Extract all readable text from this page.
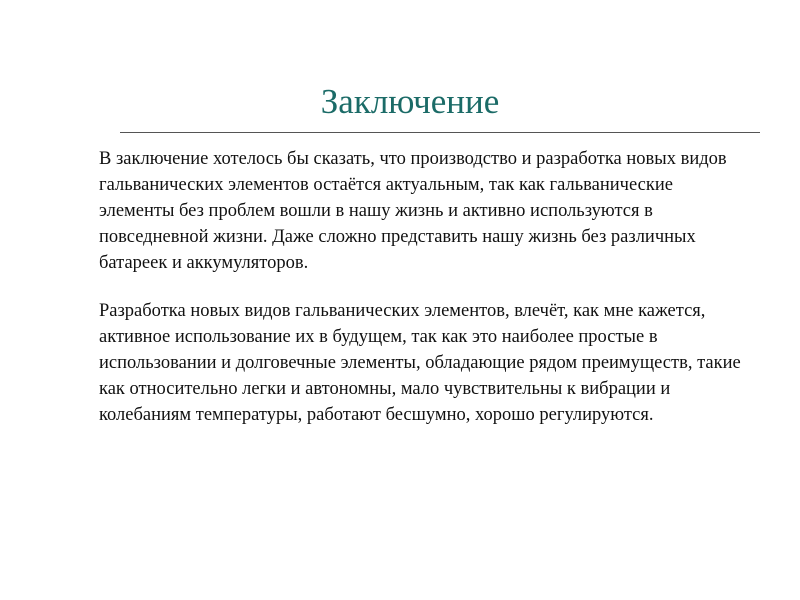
Заключение

В заключение хотелось бы сказать, что производство и разработка новых видов гальванических элементов остаётся актуальным, так как гальванические элементы без проблем вошли в нашу жизнь и активно используются в повседневной жизни. Даже сложно представить нашу жизнь без различных батареек и аккумуляторов.

Разработка новых видов гальванических элементов, влечёт, как мне кажется, активное использование их в будущем, так как это наиболее простые в использовании и долговечные элементы, обладающие рядом преимуществ, такие как относительно легки и автономны, мало чувствительны к вибрации и колебаниям температуры, работают бесшумно, хорошо регулируются.
